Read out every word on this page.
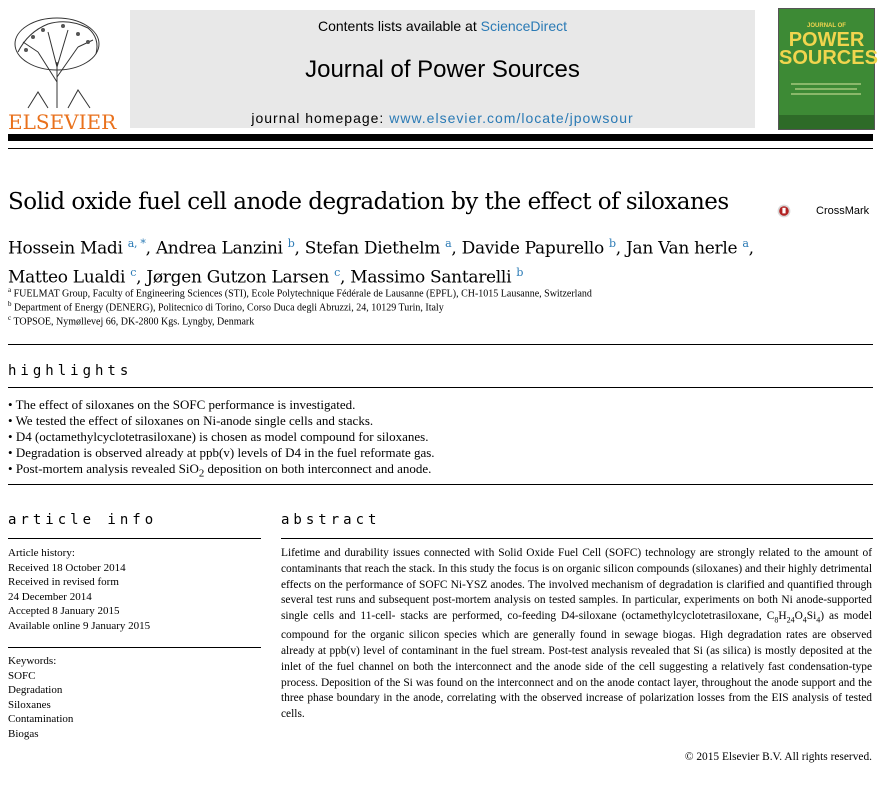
ELSEVIER
Contents lists available at ScienceDirect
Journal of Power Sources
journal homepage: www.elsevier.com/locate/jpowsour
JOURNAL OF
POWER
SOURCES
Solid oxide fuel cell anode degradation by the effect of siloxanes	CrossMark
Hossein Madi $^{a, *}$, Andrea Lanzini $^b$, Stefan Diethelm $^a$, Davide Papurello $^b$, Jan Van herle $^a$,
Matteo Lualdi $^c$, Jørgen Gutzon Larsen $^c$, Massimo Santarelli $^b$
$^a$ FUELMAT Group, Faculty of Engineering Sciences (STI), Ecole Polytechnique Fédérale de Lausanne (EPFL), CH-1015 Lausanne, Switzerland
$^b$ Department of Energy (DENERG), Politecnico di Torino, Corso Duca degli Abruzzi, 24, 10129 Turin, Italy
$^c$ TOPSOE, Nymøllevej 66, DK-2800 Kgs. Lyngby, Denmark
highlights
• The effect of siloxanes on the SOFC performance is investigated.
• We tested the effect of siloxanes on Ni-anode single cells and stacks.
• D4 (octamethylcyclotetrasiloxane) is chosen as model compound for siloxanes.
• Degradation is observed already at ppb(v) levels of D4 in the fuel reformate gas.
• Post-mortem analysis revealed SiO$_2$ deposition on both interconnect and anode.
article info
Article history:
Received 18 October 2014
Received in revised form
24 December 2014
Accepted 8 January 2015
Available online 9 January 2015
Keywords:
SOFC
Degradation
Siloxanes
Contamination
Biogas
abstract
Lifetime and durability issues connected with Solid Oxide Fuel Cell (SOFC) technology are strongly related to the amount of contaminants that reach the stack. In this study the focus is on organic silicon compounds (siloxanes) and their highly detrimental effects on the performance of SOFC Ni-YSZ anodes. The involved mechanism of degradation is clarified and quantified through several test runs and subsequent post-mortem analysis on tested samples. In particular, experiments on both Ni anode-supported single cells and 11-cell- stacks are performed, co-feeding D4-siloxane (octamethylcyclotetrasiloxane, $C_8H_{24}O_4Si_4$) as model compound for the organic silicon species which are generally found in sewage biogas. High degradation rates are observed already at ppb(v) level of contaminant in the fuel stream. Post-test analysis revealed that Si (as silica) is mostly deposited at the inlet of the fuel channel on both the interconnect and the anode side of the cell suggesting a relatively fast condensation-type process. Deposition of the Si was found on the interconnect and on the anode contact layer, throughout the anode support and the three phase boundary in the anode, correlating with the observed increase of polarization losses from the EIS analysis of tested cells.
© 2015 Elsevier B.V. All rights reserved.
